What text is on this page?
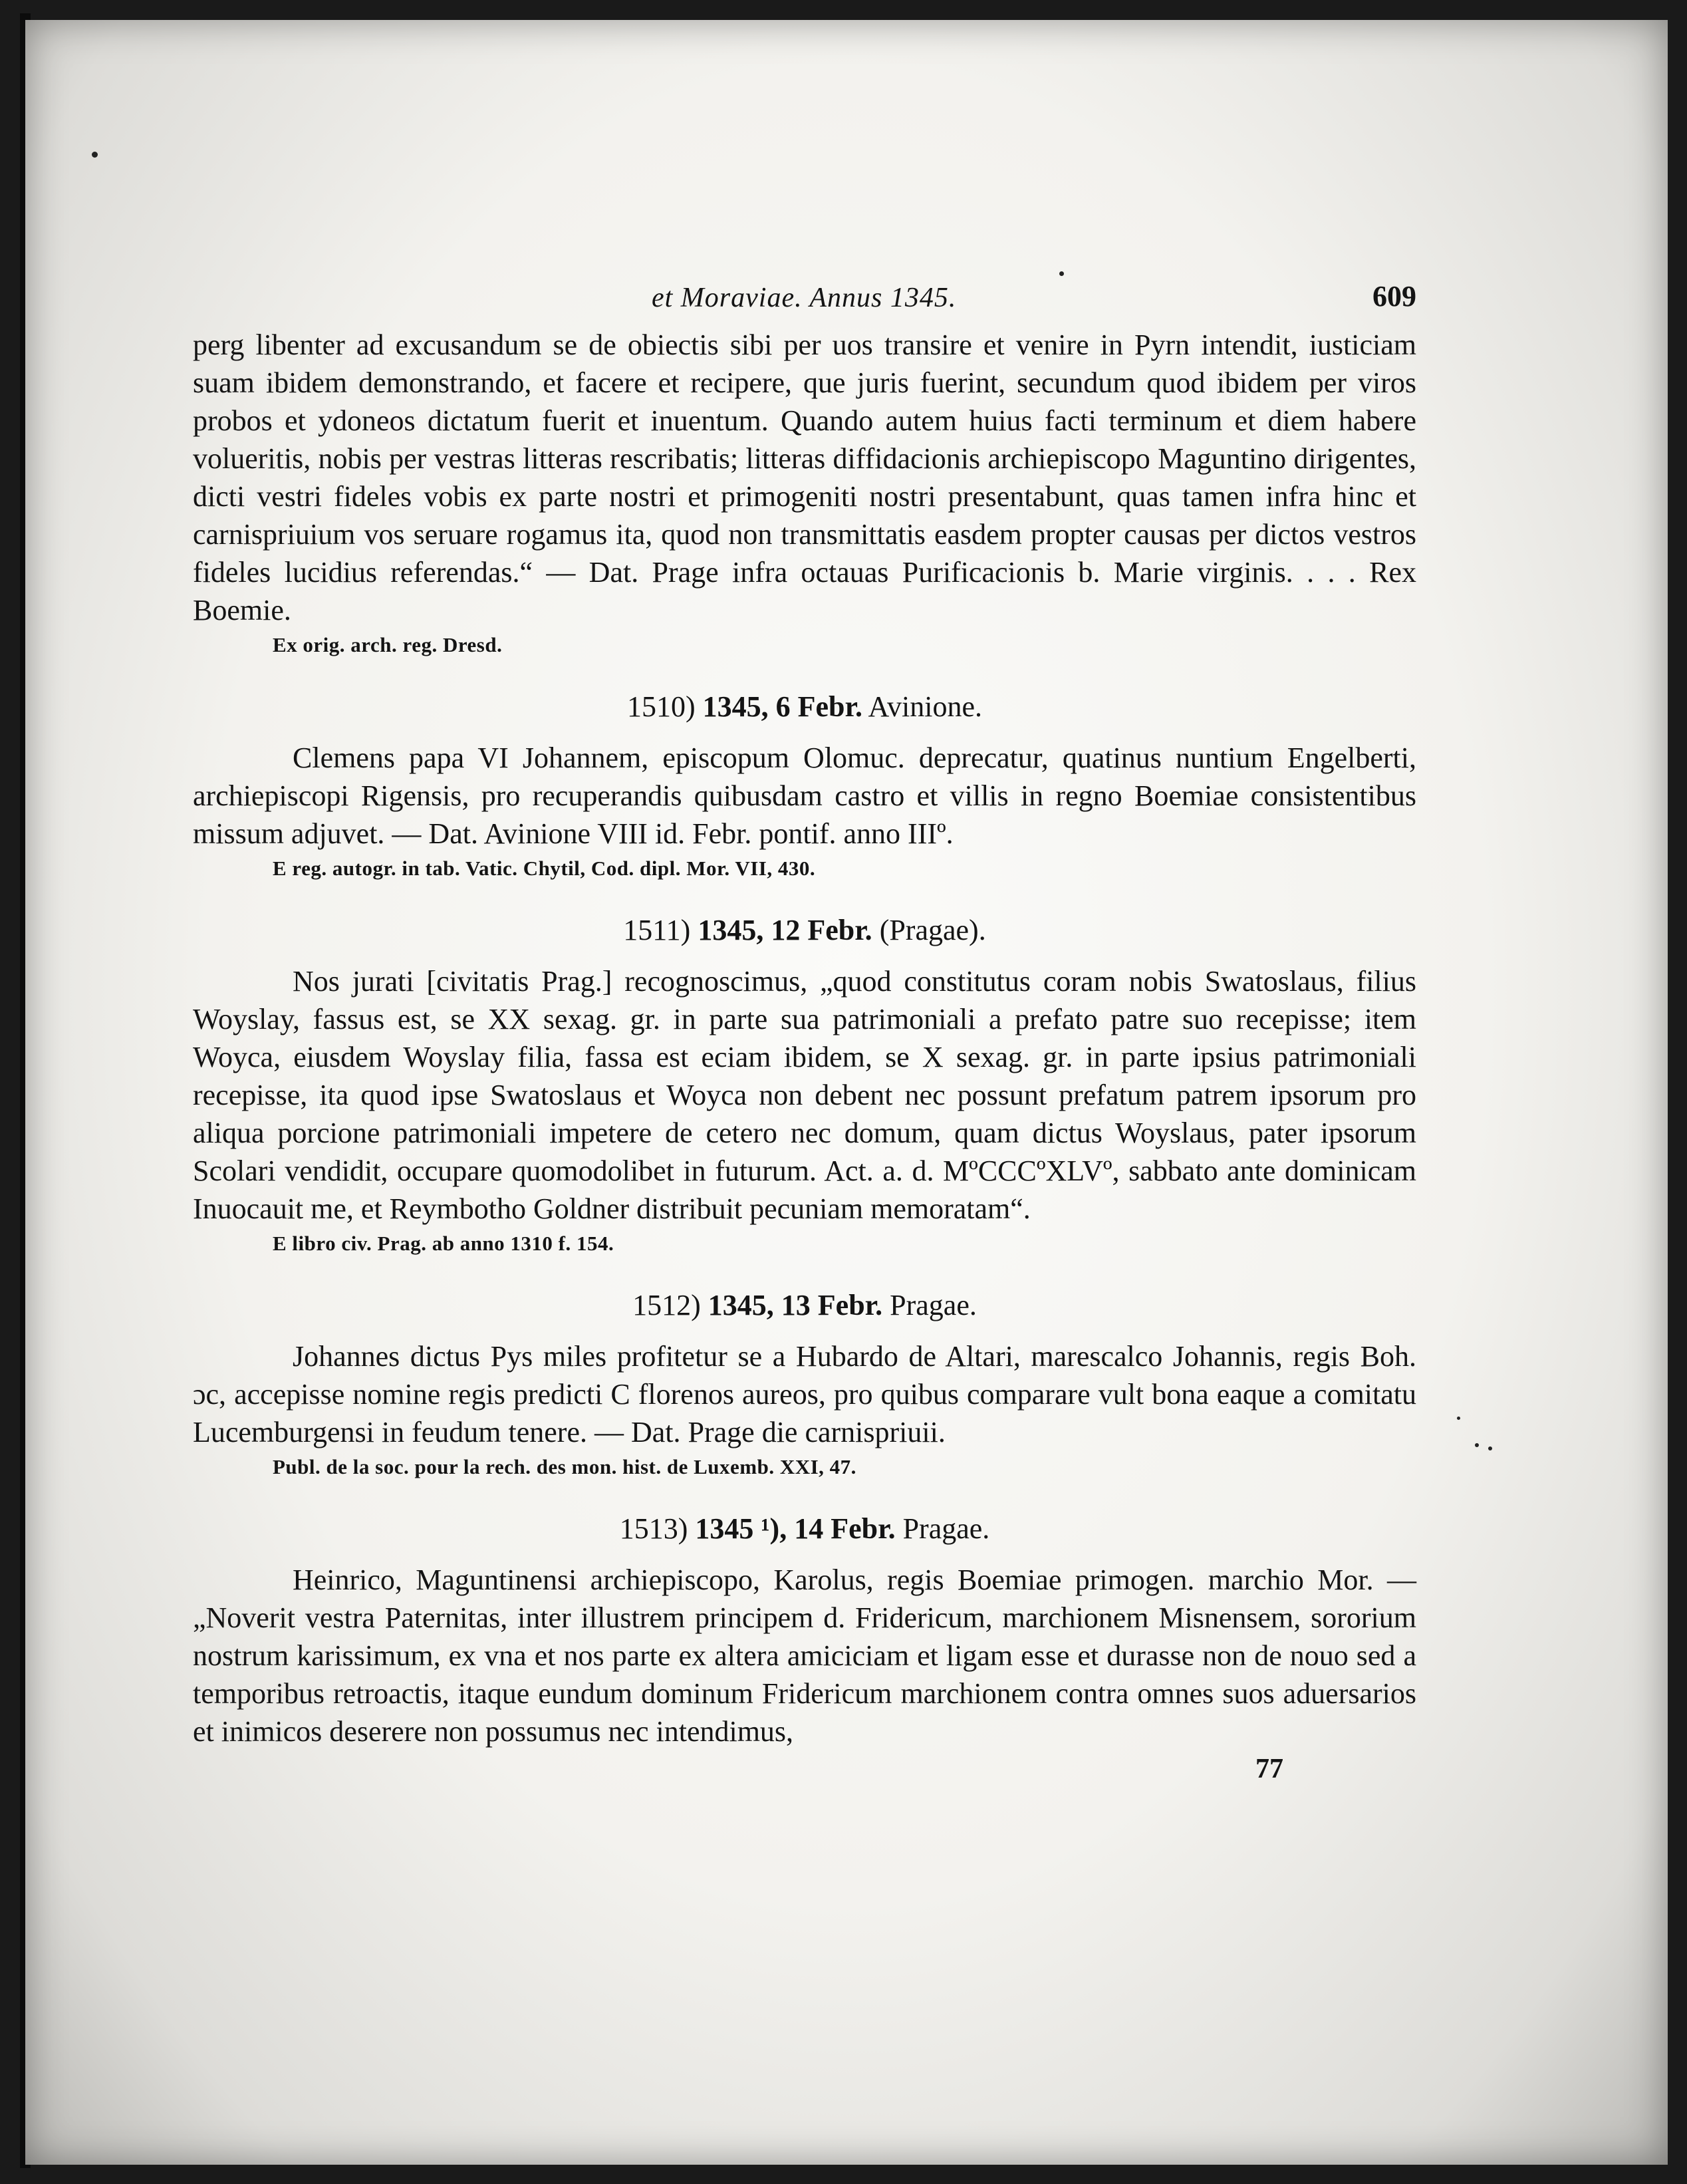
et Moraviae. Annus 1345.	609

perg libenter ad excusandum se de obiectis sibi per uos transire et venire in Pyrn intendit, iusticiam suam ibidem demonstrando, et facere et recipere, que juris fuerint, secundum quod ibidem per viros probos et ydoneos dictatum fuerit et inuentum. Quando autem huius facti terminum et diem habere volueritis, nobis per vestras litteras rescribatis; litteras diffidacionis archiepiscopo Maguntino dirigentes, dicti vestri fideles vobis ex parte nostri et primogeniti nostri presentabunt, quas tamen infra hinc et carnispriuium vos seruare rogamus ita, quod non transmittatis easdem propter causas per dictos vestros fideles lucidius referendas.“ — Dat. Prage infra octauas Purificacionis b. Marie virginis. . . . Rex Boemie.

Ex orig. arch. reg. Dresd.
1510) 1345, 6 Febr. Avinione.

Clemens papa VI Johannem, episcopum Olomuc. deprecatur, quatinus nuntium Engelberti, archiepiscopi Rigensis, pro recuperandis quibusdam castro et villis in regno Boemiae consistentibus missum adjuvet. — Dat. Avinione VIII id. Febr. pontif. anno IIIº.

E reg. autogr. in tab. Vatic. Chytil, Cod. dipl. Mor. VII, 430.
1511) 1345, 12 Febr. (Pragae).

Nos jurati [civitatis Prag.] recognoscimus, „quod constitutus coram nobis Swatoslaus, filius Woyslay, fassus est, se XX sexag. gr. in parte sua patrimoniali a prefato patre suo recepisse; item Woyca, eiusdem Woyslay filia, fassa est eciam ibidem, se X sexag. gr. in parte ipsius patrimoniali recepisse, ita quod ipse Swatoslaus et Woyca non debent nec possunt prefatum patrem ipsorum pro aliqua porcione patrimoniali impetere de cetero nec domum, quam dictus Woyslaus, pater ipsorum Scolari vendidit, occupare quomodolibet in futurum. Act. a. d. MºCCCºXLVº, sabbato ante dominicam Inuocauit me, et Reymbotho Goldner distribuit pecuniam memoratam“.

E libro civ. Prag. ab anno 1310 f. 154.
1512) 1345, 13 Febr. Pragae.

Johannes dictus Pys miles profitetur se a Hubardo de Altari, marescalco Johannis, regis Boh. ɔc, accepisse nomine regis predicti C florenos aureos, pro quibus comparare vult bona eaque a comitatu Lucemburgensi in feudum tenere. — Dat. Prage die carnispriuii.

Publ. de la soc. pour la rech. des mon. hist. de Luxemb. XXI, 47.
1513) 1345 ¹), 14 Febr. Pragae.

Heinrico, Maguntinensi archiepiscopo, Karolus, regis Boemiae primogen. marchio Mor. — „Noverit vestra Paternitas, inter illustrem principem d. Fridericum, marchionem Misnensem, sororium nostrum karissimum, ex vna et nos parte ex altera amiciciam et ligam esse et durasse non de nouo sed a temporibus retroactis, itaque eundum dominum Fridericum marchionem contra omnes suos aduersarios et inimicos deserere non possumus nec intendimus,

77
